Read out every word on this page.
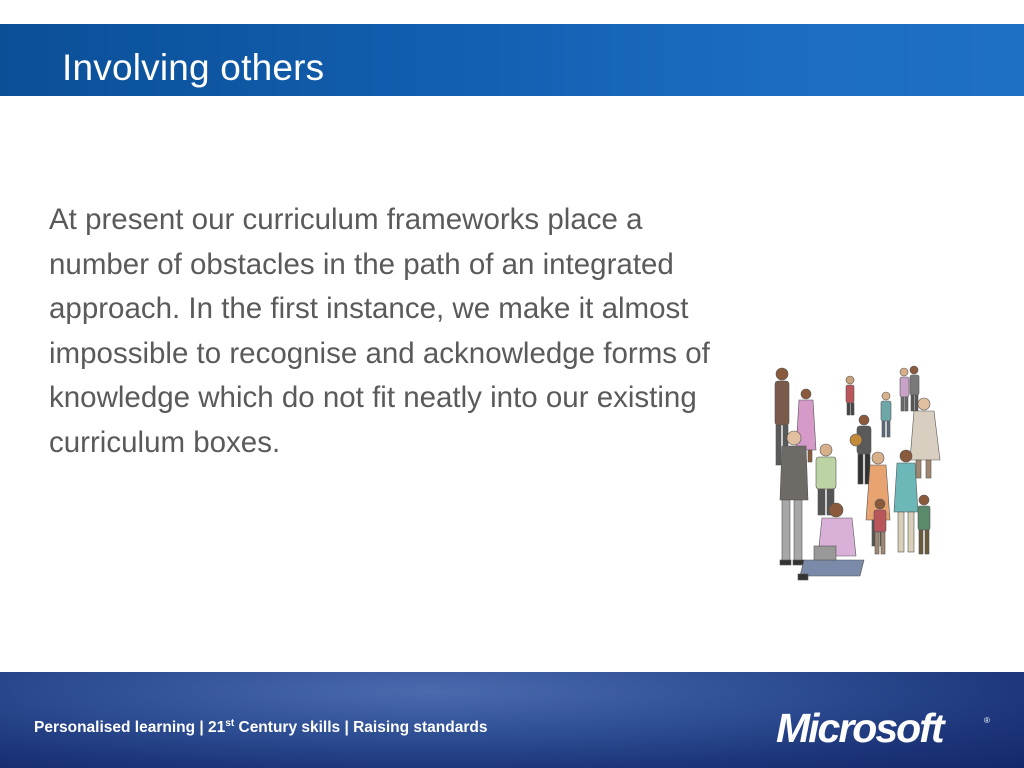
Involving others
At present our curriculum frameworks place a number of obstacles in the path of an integrated approach. In the first instance, we make it almost impossible to recognise and acknowledge forms of knowledge which do not fit neatly into our existing curriculum boxes.
Personalised learning | 21st Century skills | Raising standards	Microsoft	®
